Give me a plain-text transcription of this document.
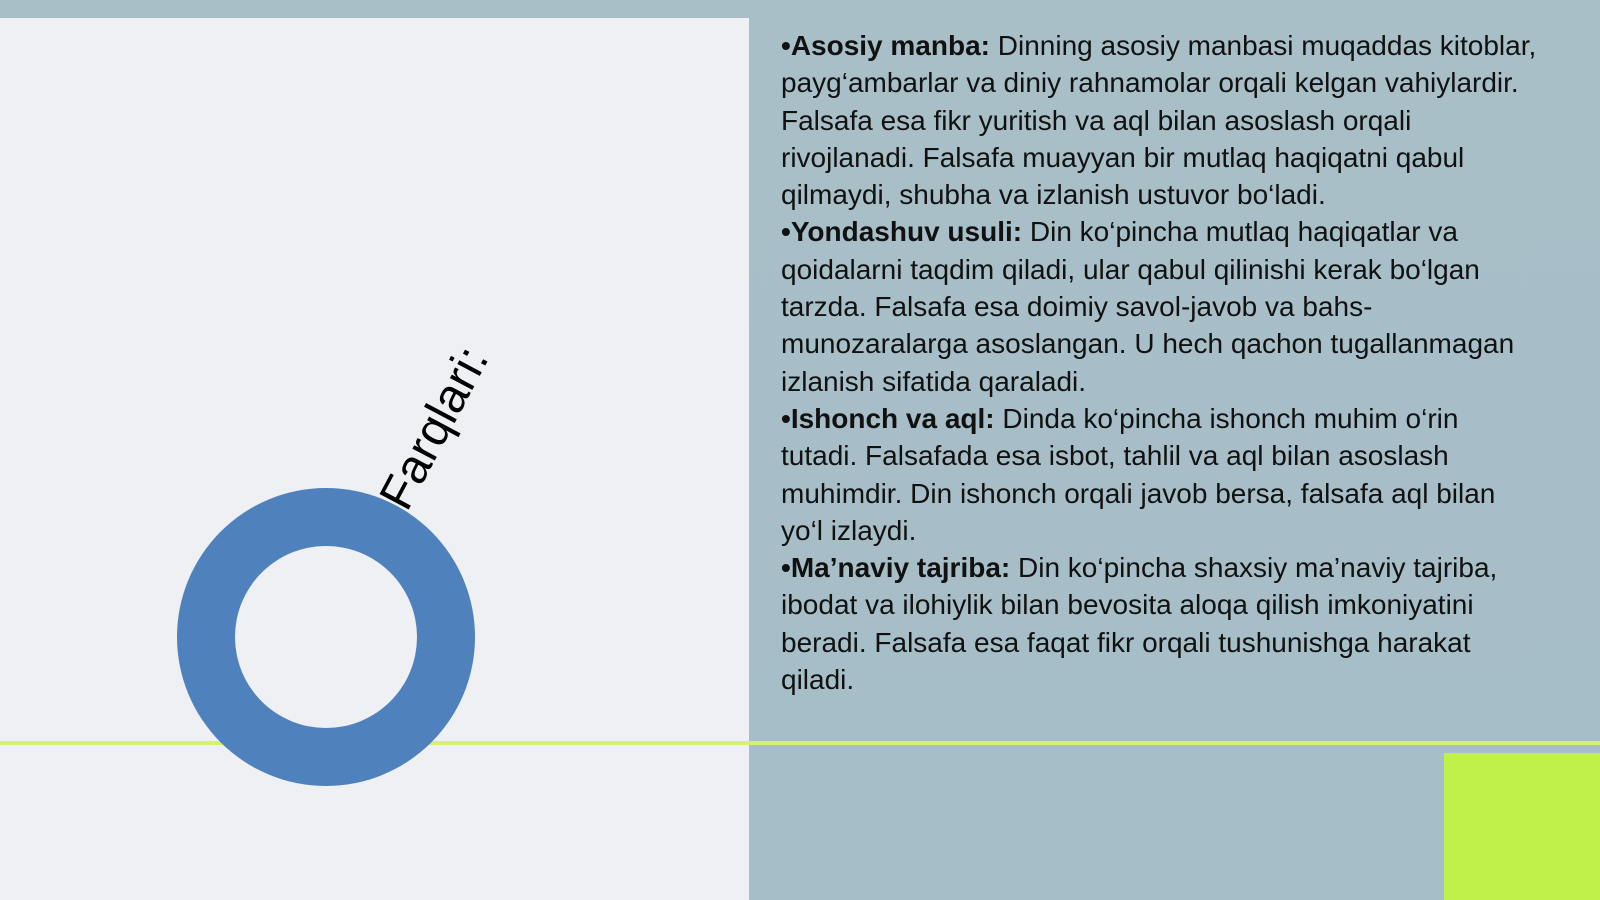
Farqlari:

•Asosiy manba: Dinning asosiy manbasi muqaddas kitoblar, payg‘ambarlar va diniy rahnamolar orqali kelgan vahiylardir. Falsafa esa fikr yuritish va aql bilan asoslash orqali rivojlanadi. Falsafa muayyan bir mutlaq haqiqatni qabul qilmaydi, shubha va izlanish ustuvor bo‘ladi.

•Yondashuv usuli: Din ko‘pincha mutlaq haqiqatlar va qoidalarni taqdim qiladi, ular qabul qilinishi kerak bo‘lgan tarzda. Falsafa esa doimiy savol-javob va bahs-munozaralarga asoslangan. U hech qachon tugallanmagan izlanish sifatida qaraladi.

•Ishonch va aql: Dinda ko‘pincha ishonch muhim o‘rin tutadi. Falsafada esa isbot, tahlil va aql bilan asoslash muhimdir. Din ishonch orqali javob bersa, falsafa aql bilan yo‘l izlaydi.

•Ma’naviy tajriba: Din ko‘pincha shaxsiy ma’naviy tajriba, ibodat va ilohiylik bilan bevosita aloqa qilish imkoniyatini beradi. Falsafa esa faqat fikr orqali tushunishga harakat qiladi.
